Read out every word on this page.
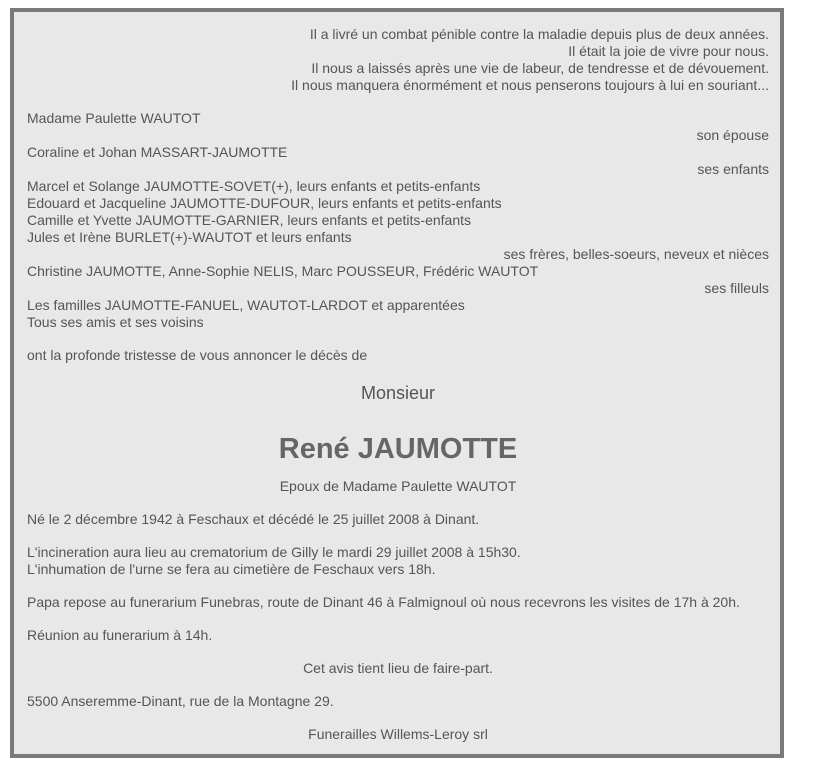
Il a livré un combat pénible contre la maladie depuis plus de deux années.
Il était la joie de vivre pour nous.
Il nous a laissés après une vie de labeur, de tendresse et de dévouement.
Il nous manquera énormément et nous penserons toujours à lui en souriant...
Madame Paulette WAUTOT
son épouse
Coraline et Johan MASSART-JAUMOTTE
ses enfants
Marcel et Solange JAUMOTTE-SOVET(+), leurs enfants et petits-enfants
Edouard et Jacqueline JAUMOTTE-DUFOUR, leurs enfants et petits-enfants
Camille et Yvette JAUMOTTE-GARNIER, leurs enfants et petits-enfants
Jules et Irène BURLET(+)-WAUTOT et leurs enfants
ses frères, belles-soeurs, neveux et nièces
Christine JAUMOTTE, Anne-Sophie NELIS, Marc POUSSEUR, Frédéric WAUTOT
ses filleuls
Les familles JAUMOTTE-FANUEL, WAUTOT-LARDOT et apparentées
Tous ses amis et ses voisins
ont la profonde tristesse de vous annoncer le décès de
Monsieur
René JAUMOTTE
Epoux de Madame Paulette WAUTOT
Né le 2 décembre 1942 à Feschaux et décédé le 25 juillet 2008 à Dinant.
L'incineration aura lieu au crematorium de Gilly le mardi 29 juillet 2008 à 15h30.
L'inhumation de l'urne se fera au cimetière de Feschaux vers 18h.
Papa repose au funerarium Funebras, route de Dinant 46 à Falmignoul où nous recevrons les visites de 17h à 20h.
Réunion au funerarium à 14h.
Cet avis tient lieu de faire-part.
5500 Anseremme-Dinant, rue de la Montagne 29.
Funerailles Willems-Leroy srl
